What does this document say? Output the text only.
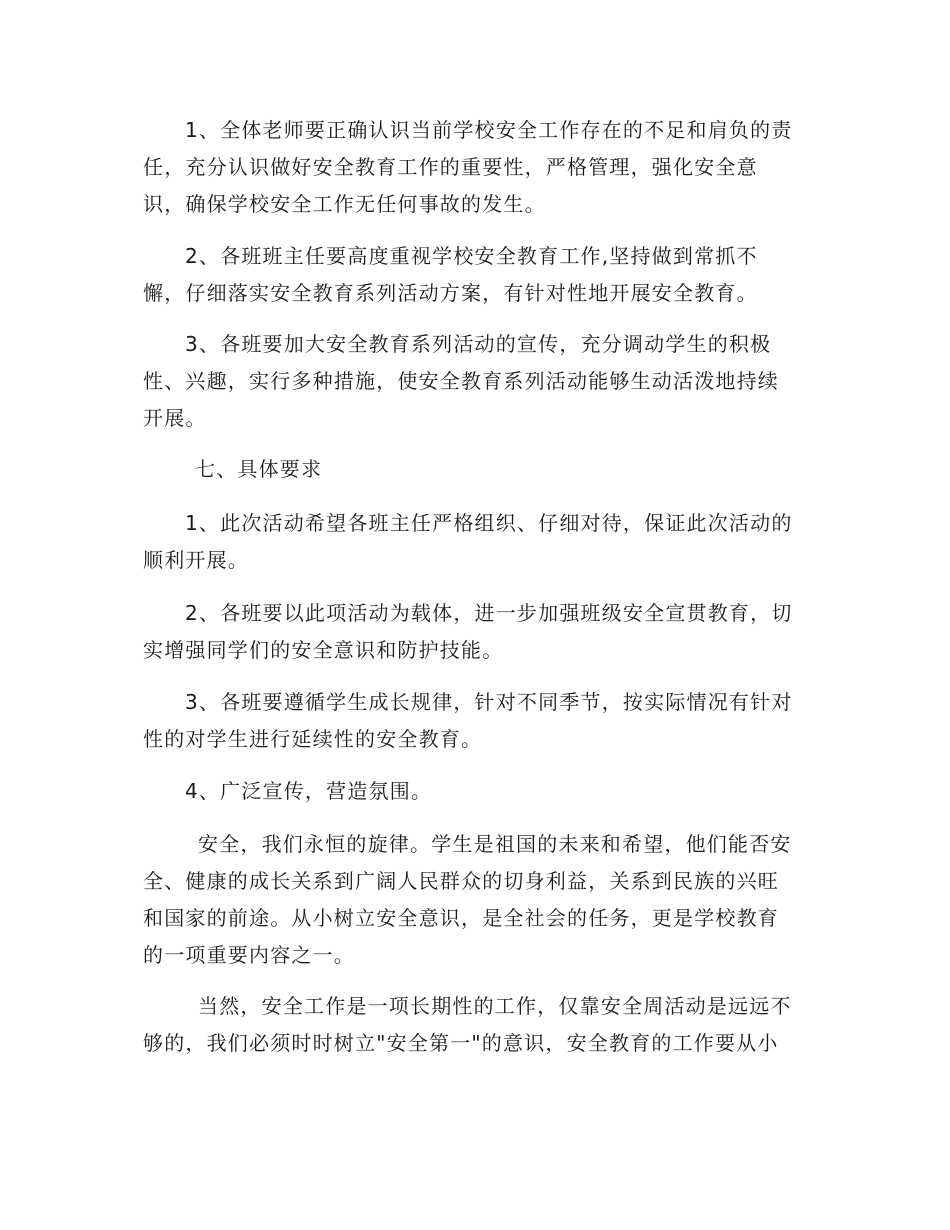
1、全体老师要正确认识当前学校安全工作存在的不足和肩负的责
任，充分认识做好安全教育工作的重要性，严格管理，强化安全意
识，确保学校安全工作无任何事故的发生。

2、各班班主任要高度重视学校安全教育工作,坚持做到常抓不
懈，仔细落实安全教育系列活动方案，有针对性地开展安全教育。

3、各班要加大安全教育系列活动的宣传，充分调动学生的积极
性、兴趣，实行多种措施，使安全教育系列活动能够生动活泼地持续
开展。

七、具体要求

1、此次活动希望各班主任严格组织、仔细对待，保证此次活动的
顺利开展。

2、各班要以此项活动为载体，进一步加强班级安全宣贯教育，切
实增强同学们的安全意识和防护技能。

3、各班要遵循学生成长规律，针对不同季节，按实际情况有针对
性的对学生进行延续性的安全教育。

4、广泛宣传，营造氛围。

安全，我们永恒的旋律。学生是祖国的未来和希望，他们能否安
全、健康的成长关系到广阔人民群众的切身利益，关系到民族的兴旺
和国家的前途。从小树立安全意识，是全社会的任务，更是学校教育
的一项重要内容之一。

当然，安全工作是一项长期性的工作，仅靠安全周活动是远远不
够的，我们必须时时树立"安全第一"的意识，安全教育的工作要从小
